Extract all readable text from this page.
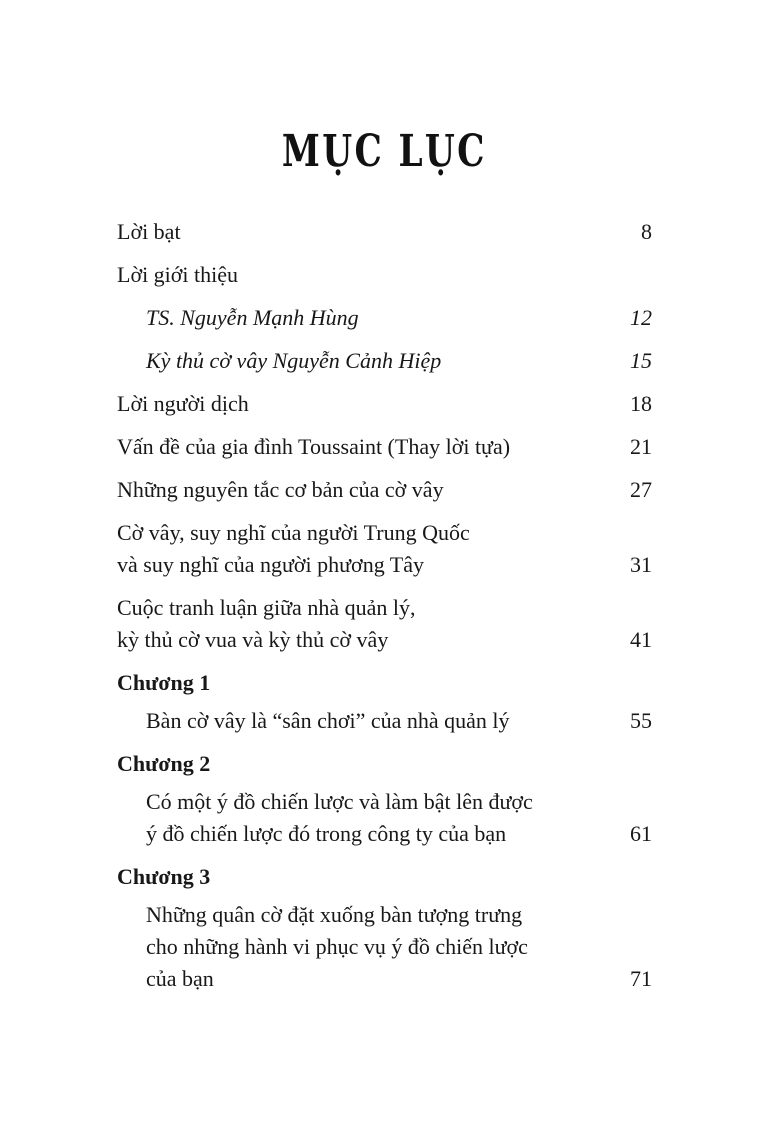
MỤC LỤC
Lời bạt	8
Lời giới thiệu
TS. Nguyễn Mạnh Hùng	12
Kỳ thủ cờ vây Nguyễn Cảnh Hiệp	15
Lời người dịch	18
Vấn đề của gia đình Toussaint (Thay lời tựa)	21
Những nguyên tắc cơ bản của cờ vây	27
Cờ vây, suy nghĩ của người Trung Quốc
và suy nghĩ của người phương Tây	31
Cuộc tranh luận giữa nhà quản lý,
kỳ thủ cờ vua và kỳ thủ cờ vây	41
Chương 1
Bàn cờ vây là “sân chơi” của nhà quản lý	55
Chương 2
Có một ý đồ chiến lược và làm bật lên được
ý đồ chiến lược đó trong công ty của bạn	61
Chương 3
Những quân cờ đặt xuống bàn tượng trưng
cho những hành vi phục vụ ý đồ chiến lược
của bạn	71
